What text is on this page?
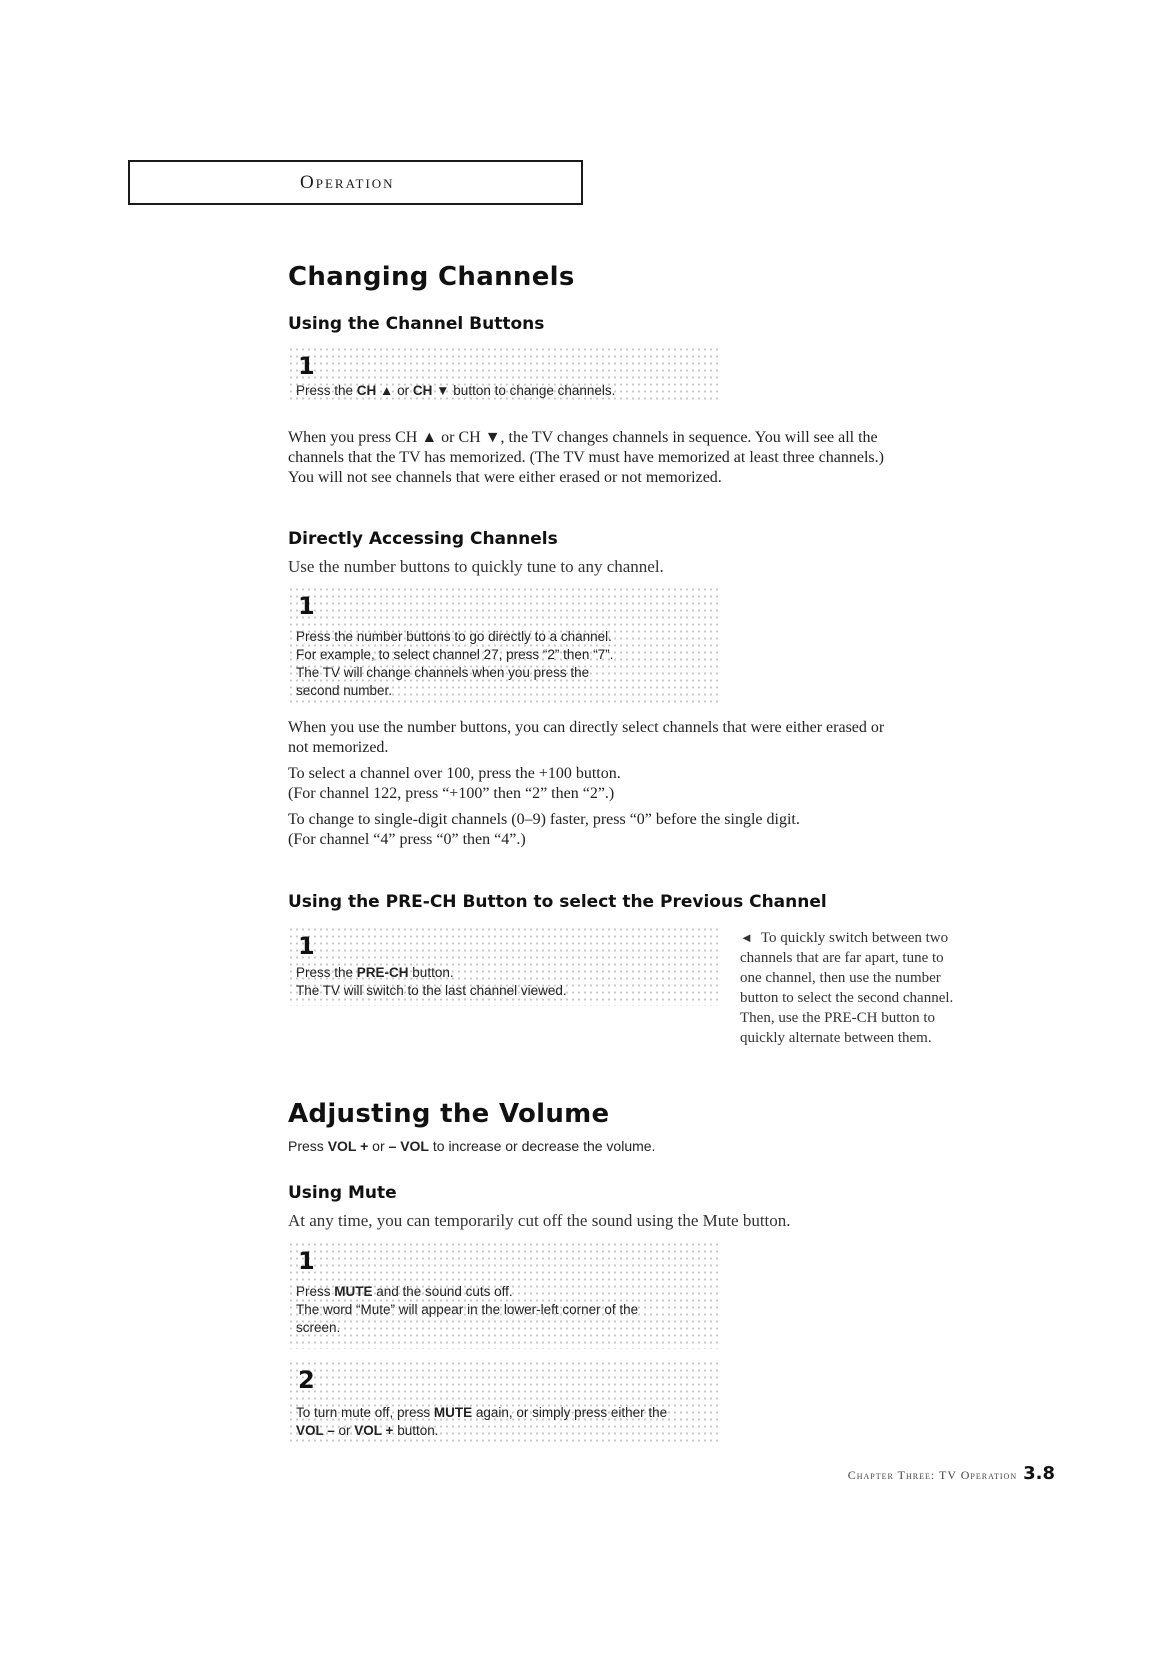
Operation
Changing Channels
Using the Channel Buttons
1

Press the CH ▲ or CH ▼ button to change channels.

When you press CH ▲ or CH ▼, the TV changes channels in sequence. You will see all the

channels that the TV has memorized. (The TV must have memorized at least three channels.)

You will not see channels that were either erased or not memorized.

Directly Accessing Channels
Use the number buttons to quickly tune to any channel.
1

Press the number buttons to go directly to a channel.

For example, to select channel 27, press “2” then “7”.

The TV will change channels when you press the

second number.

When you use the number buttons, you can directly select channels that were either erased or

not memorized.

To select a channel over 100, press the +100 button.

(For channel 122, press “+100” then “2” then “2”.)

To change to single-digit channels (0–9) faster, press “0” before the single digit.

(For channel “4” press “0” then “4”.)

Using the PRE-CH Button to select the Previous Channel
1

Press the PRE-CH button.

The TV will switch to the last channel viewed.

◄ To quickly switch between two

channels that are far apart, tune to

one channel, then use the number

button to select the second channel.

Then, use the PRE-CH button to

quickly alternate between them.

Adjusting the Volume
Press VOL + or – VOL to increase or decrease the volume.
Using Mute
At any time, you can temporarily cut off the sound using the Mute button.
1

Press MUTE and the sound cuts off.

The word “Mute” will appear in the lower-left corner of the

screen.

2

To turn mute off, press MUTE again, or simply press either the

VOL – or VOL + button.

Chapter Three: TV Operation 3.8
